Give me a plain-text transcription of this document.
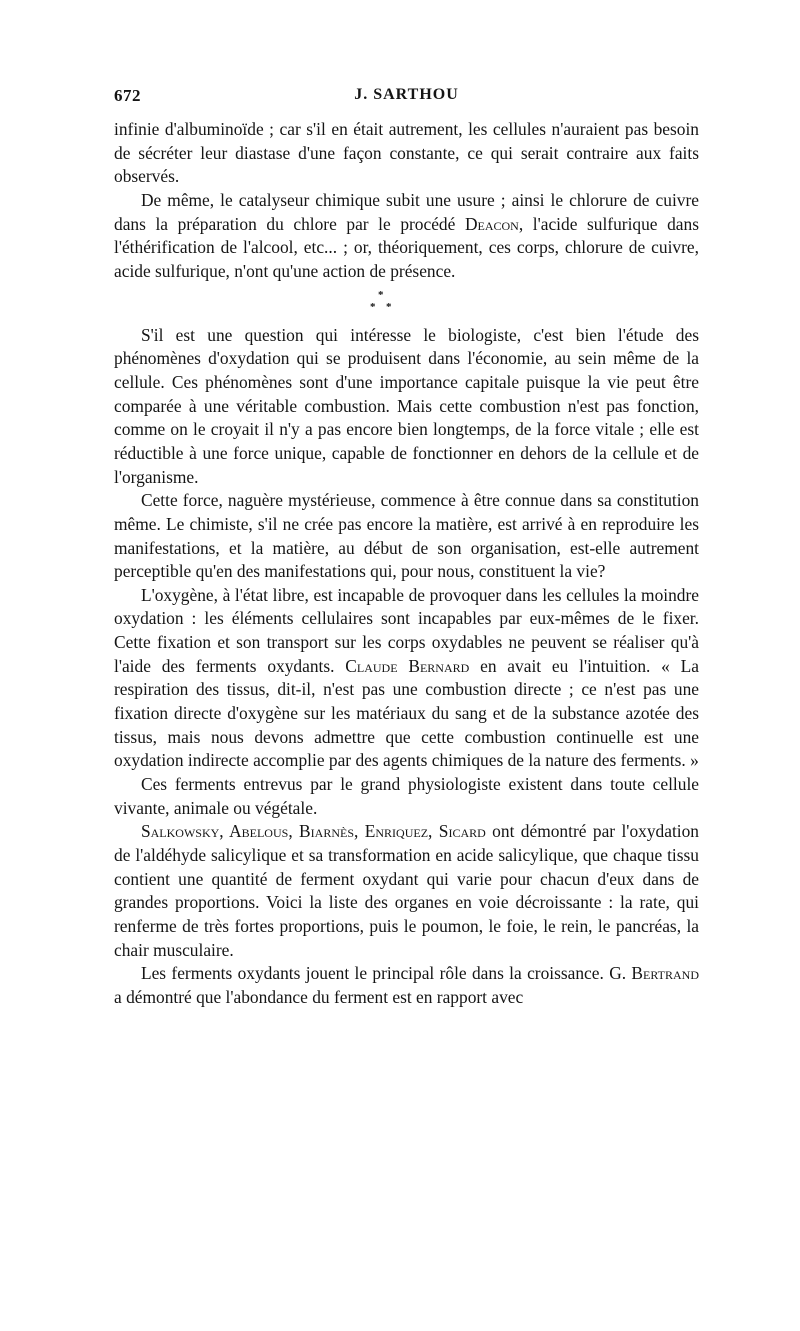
672	J. SARTHOU

infinie d'albuminoïde ; car s'il en était autrement, les cellules n'auraient pas besoin de sécréter leur diastase d'une façon constante, ce qui serait contraire aux faits observés.

De même, le catalyseur chimique subit une usure ; ainsi le chlorure de cuivre dans la préparation du chlore par le procédé Deacon, l'acide sulfurique dans l'éthérification de l'alcool, etc... ; or, théoriquement, ces corps, chlorure de cuivre, acide sulfurique, n'ont qu'une action de présence.

*
* *

S'il est une question qui intéresse le biologiste, c'est bien l'étude des phénomènes d'oxydation qui se produisent dans l'économie, au sein même de la cellule. Ces phénomènes sont d'une importance capitale puisque la vie peut être comparée à une véritable combustion. Mais cette combustion n'est pas fonction, comme on le croyait il n'y a pas encore bien longtemps, de la force vitale ; elle est réductible à une force unique, capable de fonctionner en dehors de la cellule et de l'organisme.

Cette force, naguère mystérieuse, commence à être connue dans sa constitution même. Le chimiste, s'il ne crée pas encore la matière, est arrivé à en reproduire les manifestations, et la matière, au début de son organisation, est-elle autrement perceptible qu'en des manifestations qui, pour nous, constituent la vie?

L'oxygène, à l'état libre, est incapable de provoquer dans les cellules la moindre oxydation : les éléments cellulaires sont incapables par eux-mêmes de le fixer. Cette fixation et son transport sur les corps oxydables ne peuvent se réaliser qu'à l'aide des ferments oxydants. Claude Bernard en avait eu l'intuition. « La respiration des tissus, dit-il, n'est pas une combustion directe ; ce n'est pas une fixation directe d'oxygène sur les matériaux du sang et de la substance azotée des tissus, mais nous devons admettre que cette combustion continuelle est une oxydation indirecte accomplie par des agents chimiques de la nature des ferments. »

Ces ferments entrevus par le grand physiologiste existent dans toute cellule vivante, animale ou végétale.

Salkowsky, Abelous, Biarnès, Enriquez, Sicard ont démontré par l'oxydation de l'aldéhyde salicylique et sa transformation en acide salicylique, que chaque tissu contient une quantité de ferment oxydant qui varie pour chacun d'eux dans de grandes proportions. Voici la liste des organes en voie décroissante : la rate, qui renferme de très fortes proportions, puis le poumon, le foie, le rein, le pancréas, la chair musculaire.

Les ferments oxydants jouent le principal rôle dans la croissance. G. Bertrand a démontré que l'abondance du ferment est en rapport avec
